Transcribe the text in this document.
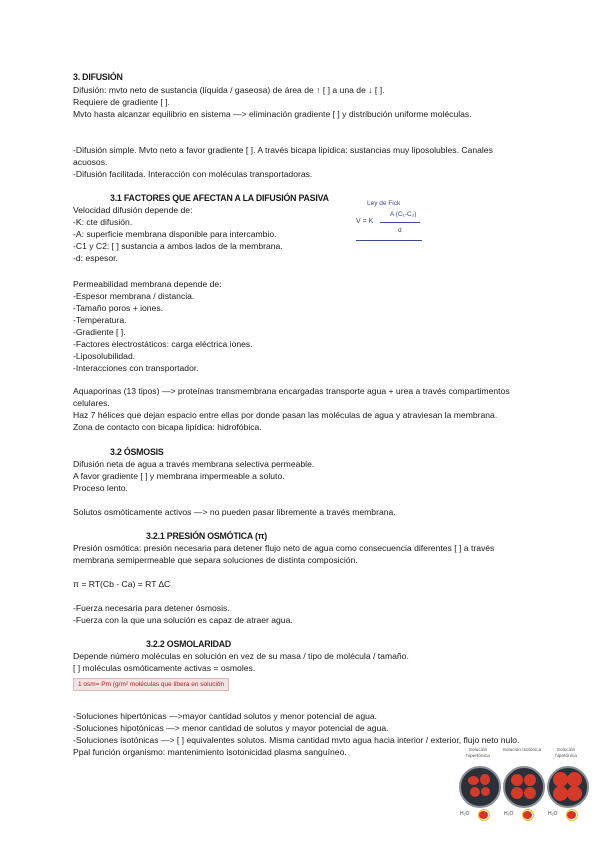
3. DIFUSIÓN
Difusión: mvto neto de sustancia (líquida / gaseosa) de área de ↑ [ ] a una de ↓ [ ].
Requiere de gradiente [ ].
Mvto hasta alcanzar equilibrio en sistema —> eliminación gradiente [ ] y distribución uniforme moléculas.
-Difusión simple. Mvto neto a favor gradiente [ ]. A través bicapa lipídica: sustancias muy liposolubles. Canales acuosos.
-Difusión facilitada. Interacción con moléculas transportadoras.
3.1 FACTORES QUE AFECTAN A LA DIFUSIÓN PASIVA
Velocidad difusión depende de:
-K: cte difusión.
-A: superficie membrana disponible para intercambio.
-C1 y C2: [ ] sustancia a ambos lados de la membrana.
-d: espesor.
Ley de Fick
A (C₁-C₂)
V = K
d
Permeabilidad membrana depende de:
-Espesor membrana / distancia.
-Tamaño poros + iones.
-Temperatura.
-Gradiente [ ].
-Factores electrostáticos: carga eléctrica iones.
-Liposolubilidad.
-Interacciones con transportador.
Aquaporinas (13 tipos) —> proteínas transmembrana encargadas transporte agua + urea a través compartimentos celulares.
Haz 7 hélices que dejan espacio entre ellas por donde pasan las moléculas de agua y atraviesan la membrana.
Zona de contacto con bicapa lipídica: hidrofóbica.
3.2 ÓSMOSIS
Difusión neta de agua a través membrana selectiva permeable.
A favor gradiente [ ] y membrana impermeable a soluto.
Proceso lento.
Solutos osmóticamente activos —> no pueden pasar libremente a través membrana.
3.2.1 PRESIÓN OSMÓTICA (π)
Presión osmótica: presión necesaria para detener flujo neto de agua como consecuencia diferentes [ ] a través membrana semipermeable que separa soluciones de distinta composición.
π = RT(Cb - Ca) = RT ∆C
-Fuerza necesaria para detener ósmosis.
-Fuerza con la que una solución es capaz de atraer agua.
3.2.2 OSMOLARIDAD
Depende número moléculas en solución en vez de su masa / tipo de molécula / tamaño.
[ ] moléculas osmóticamente activas = osmoles.
1 osm= Pm (g/m² moléculas que libera en solución
-Soluciones hipertónicas —>mayor cantidad solutos y menor potencial de agua.
-Soluciones hipotónicas —> menor cantidad de solutos y mayor potencial de agua.
-Soluciones isotónicas —> [ ] equivalentes solutos. Misma cantidad mvto agua hacia interior / exterior, flujo neto nulo. Ppal función organismo: mantenimiento isotonicidad plasma sanguíneo.	Solución hipertónica
Solución isotónica	Solución hipotónica
H₂O	H₂O	H₂O
